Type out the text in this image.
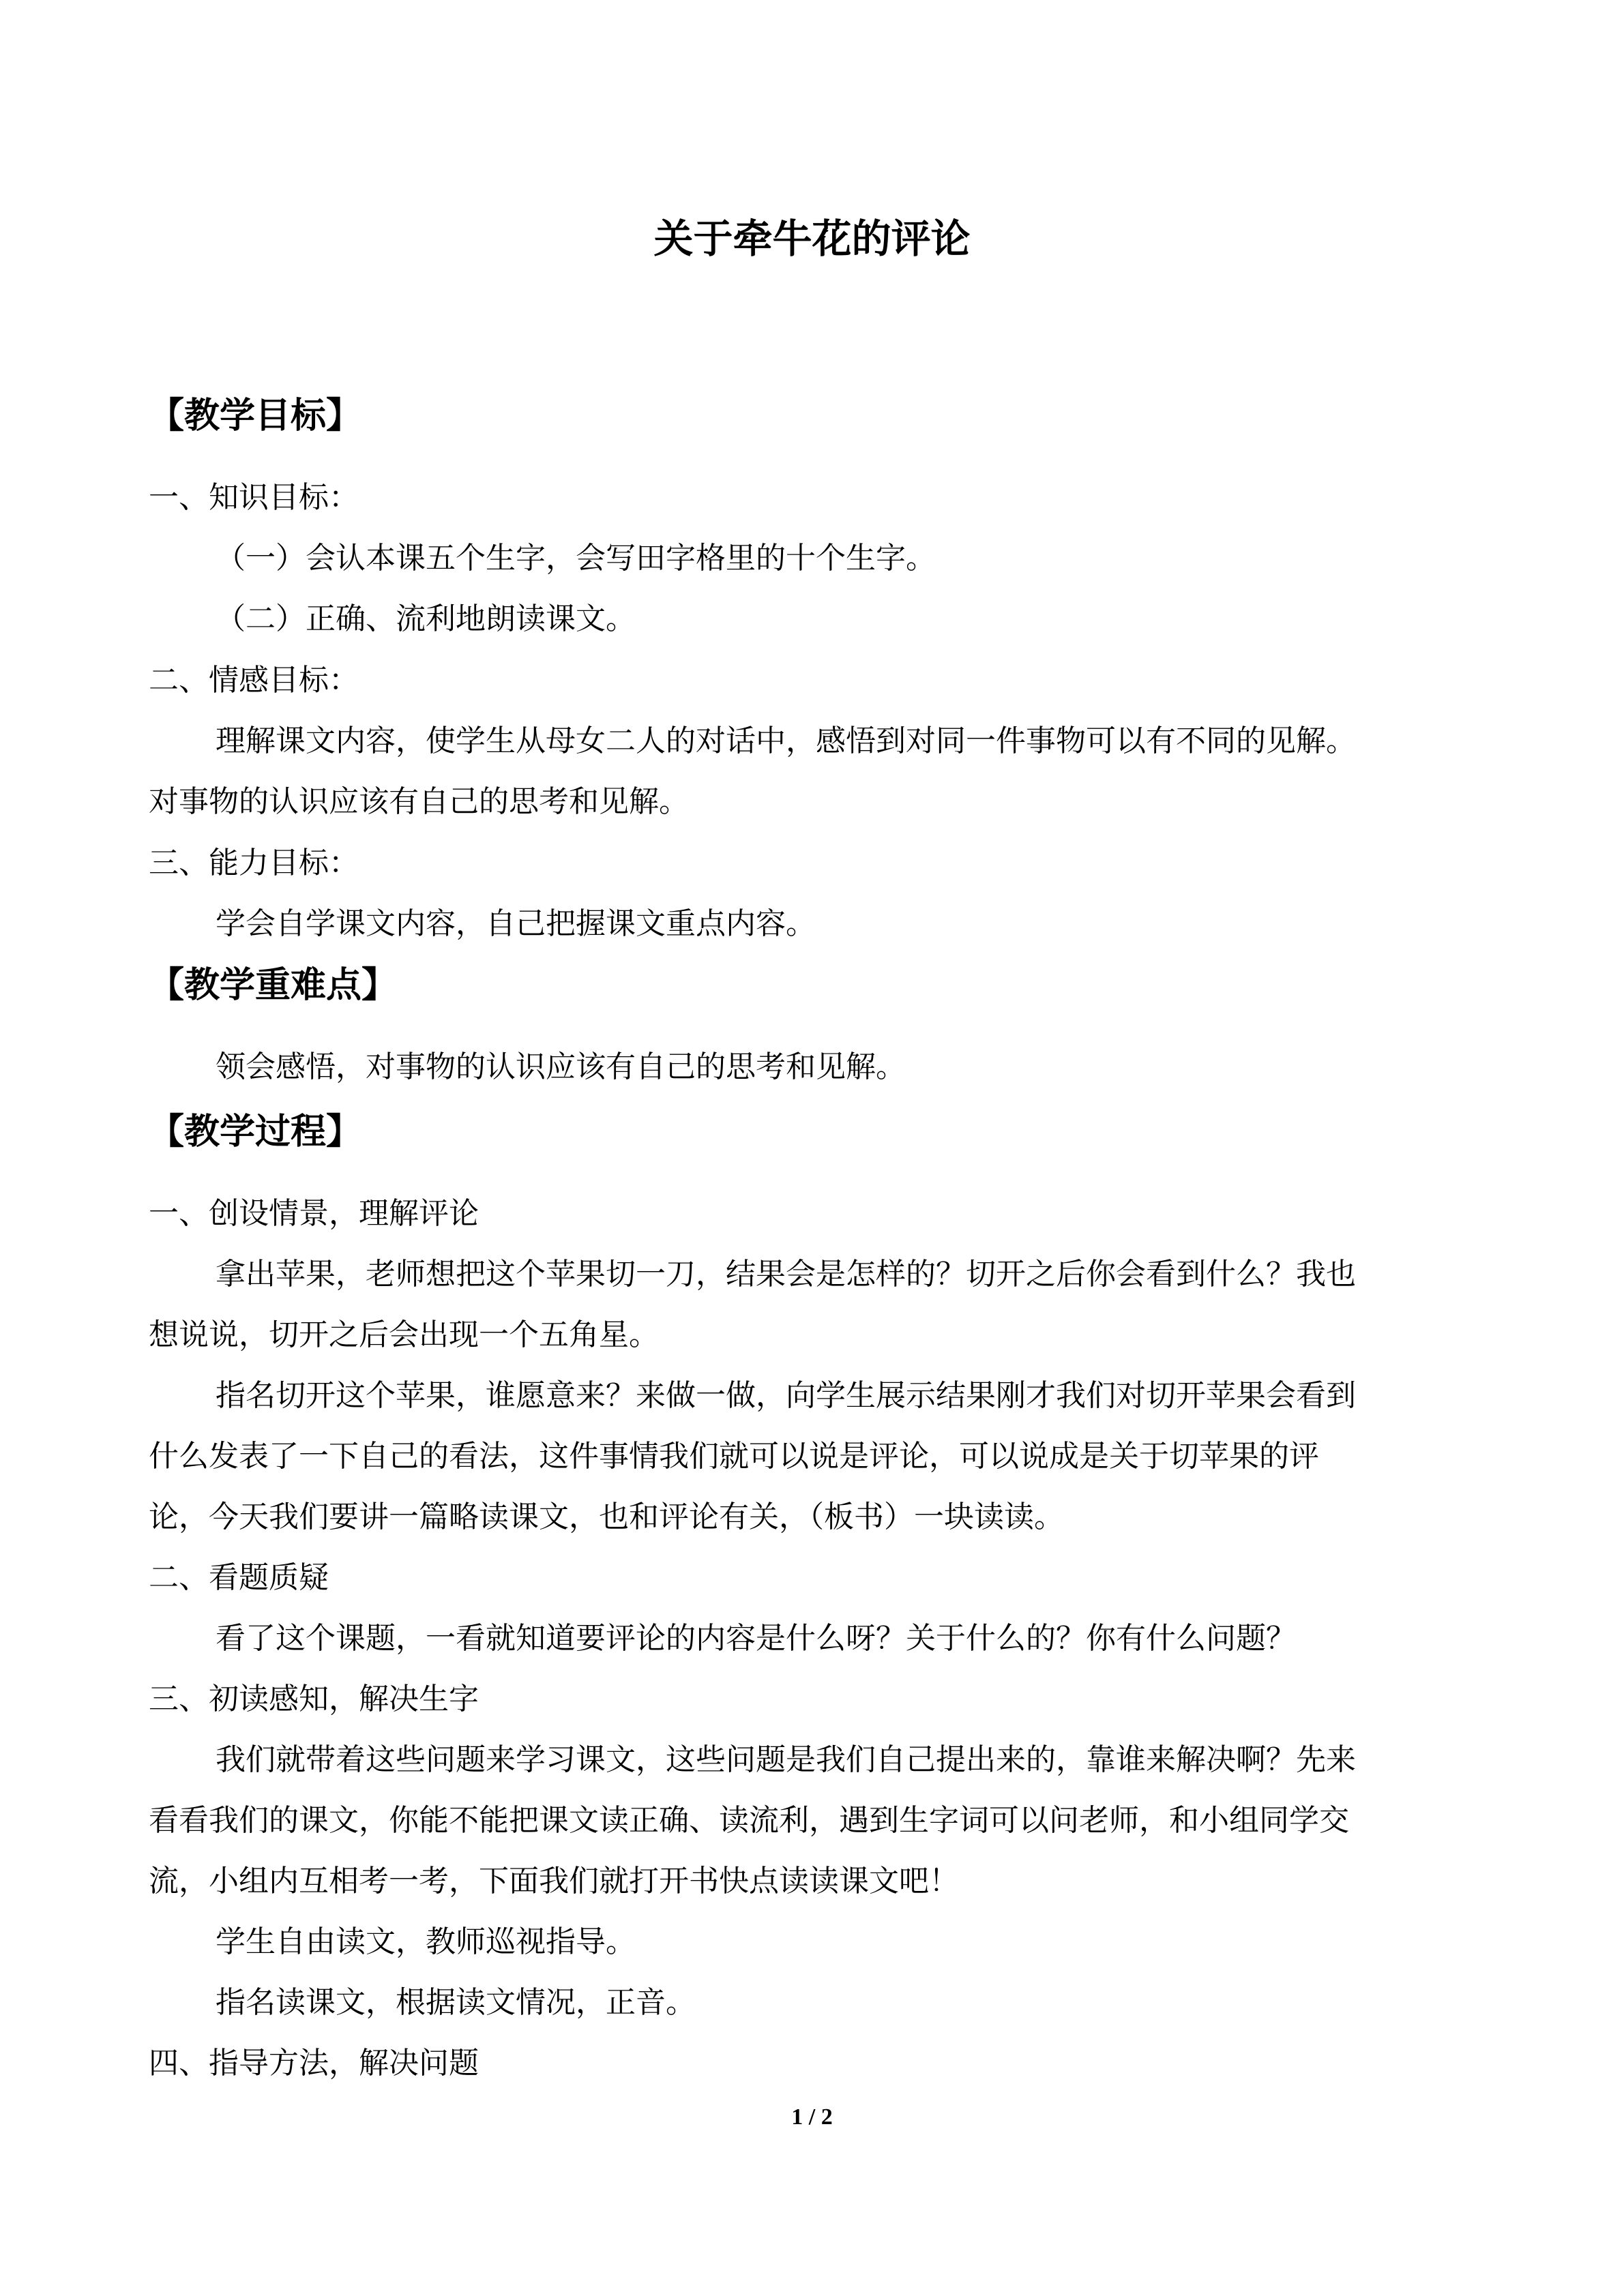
关于牵牛花的评论
【教学目标】
一、知识目标：
（一）会认本课五个生字，会写田字格里的十个生字。
（二）正确、流利地朗读课文。
二、情感目标：
理解课文内容，使学生从母女二人的对话中，感悟到对同一件事物可以有不同的见解。
对事物的认识应该有自己的思考和见解。
三、能力目标：
学会自学课文内容，自己把握课文重点内容。
【教学重难点】
领会感悟，对事物的认识应该有自己的思考和见解。
【教学过程】
一、创设情景，理解评论
拿出苹果，老师想把这个苹果切一刀，结果会是怎样的？切开之后你会看到什么？我也
想说说，切开之后会出现一个五角星。
指名切开这个苹果，谁愿意来？来做一做，向学生展示结果刚才我们对切开苹果会看到
什么发表了一下自己的看法，这件事情我们就可以说是评论，可以说成是关于切苹果的评
论，今天我们要讲一篇略读课文，也和评论有关，（板书）一块读读。
二、看题质疑
看了这个课题，一看就知道要评论的内容是什么呀？关于什么的？你有什么问题？
三、初读感知，解决生字
我们就带着这些问题来学习课文，这些问题是我们自己提出来的，靠谁来解决啊？先来
看看我们的课文，你能不能把课文读正确、读流利，遇到生字词可以问老师，和小组同学交
流，小组内互相考一考，下面我们就打开书快点读读课文吧！
学生自由读文，教师巡视指导。
指名读课文，根据读文情况，正音。
四、指导方法，解决问题
1 / 2
